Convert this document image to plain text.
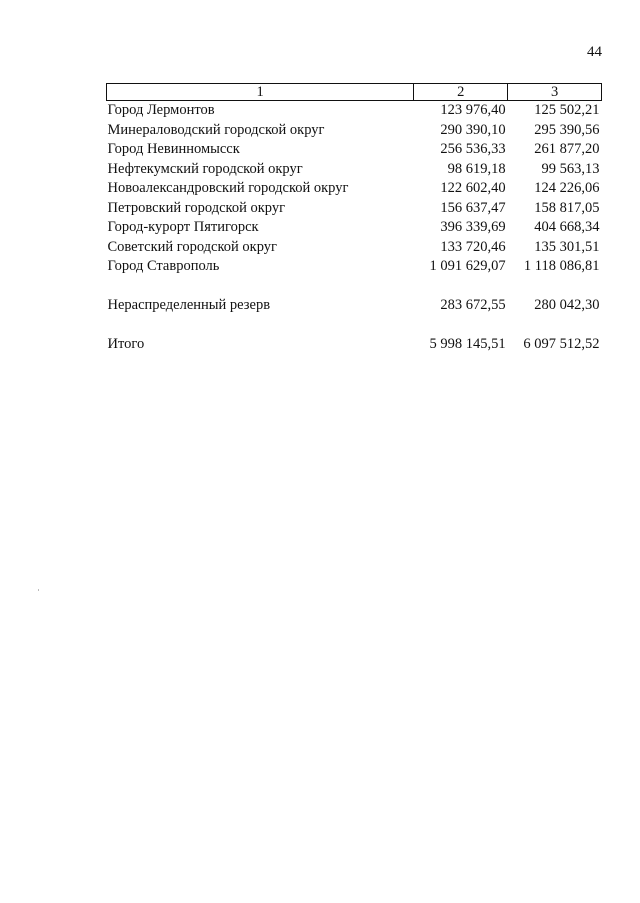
44
1	2	3
Город Лермонтов	123 976,40	125 502,21
Минераловодский городской округ	290 390,10	295 390,56
Город Невинномысск	256 536,33	261 877,20
Нефтекумский городской округ	98 619,18	99 563,13
Новоалександровский городской округ	122 602,40	124 226,06
Петровский городской округ	156 637,47	158 817,05
Город-курорт Пятигорск	396 339,69	404 668,34
Советский городской округ	133 720,46	135 301,51
Город Ставрополь	1 091 629,07	1 118 086,81

Нераспределенный резерв	283 672,55	280 042,30

Итого	5 998 145,51	6 097 512,52
ʾ
